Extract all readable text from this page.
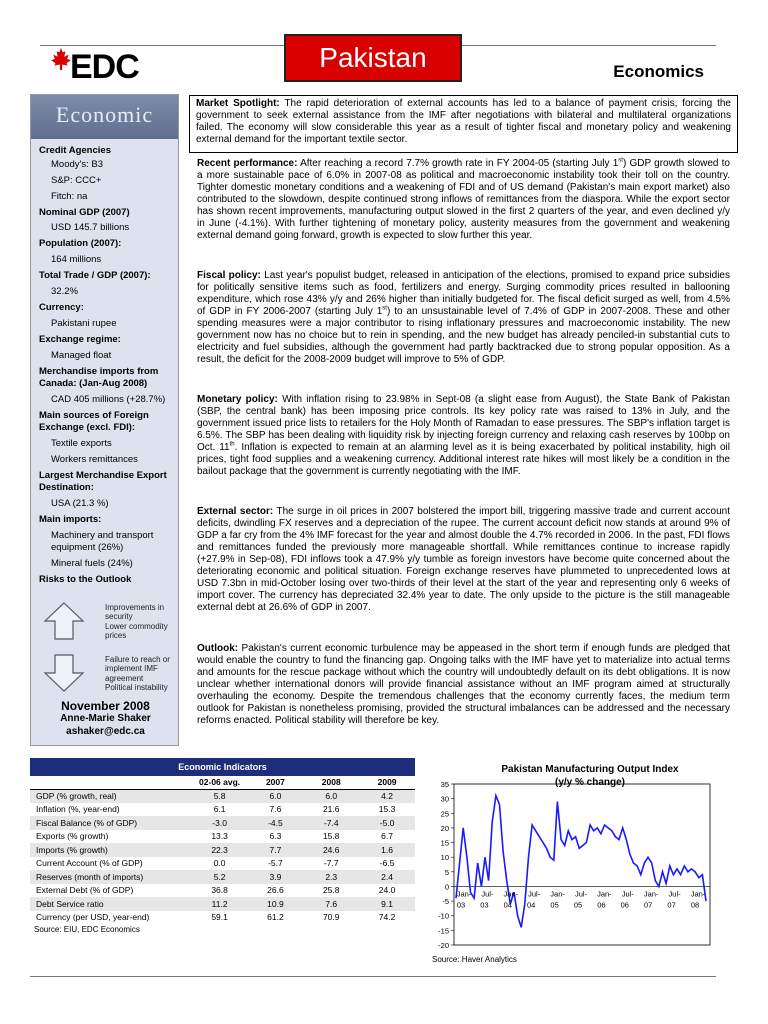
EDC	Pakistan	Economics
Economic
Credit Agencies
Moody's: B3
S&P: CCC+
Fitch: na
Nominal GDP (2007)
USD 145.7 billions
Population (2007):
164 millions
Total Trade / GDP (2007):
32.2%
Currency:
Pakistani rupee
Exchange regime:
Managed float
Merchandise imports from
Canada: (Jan-Aug 2008)
CAD 405 millions (+28.7%)
Main sources of Foreign
Exchange (excl. FDI):
Textile exports
Workers remittances
Largest Merchandise Export
Destination:
USA (21.3 %)
Main imports:
Machinery and transport
equipment (26%)
Mineral fuels (24%)
Risks to the Outlook
Improvements in
security
Lower commodity
prices
Failure to reach or
implement IMF
agreement
Political instability
November 2008
Anne-Marie Shaker
ashaker@edc.ca
Market Spotlight: The rapid deterioration of external accounts has led to a balance of payment crisis, forcing the government to seek external assistance from the IMF after negotiations with bilateral and multilateral organizations failed. The economy will slow considerable this year as a result of tighter fiscal and monetary policy and weakening external demand for the important textile sector.
Recent performance: After reaching a record 7.7% growth rate in FY 2004-05 (starting July 1st) GDP growth slowed to a more sustainable pace of 6.0% in 2007-08 as political and macroeconomic instability took their toll on the country. Tighter domestic monetary conditions and a weakening of FDI and of US demand (Pakistan's main export market) also contributed to the slowdown, despite continued strong inflows of remittances from the diaspora. While the export sector has shown recent improvements, manufacturing output slowed in the first 2 quarters of the year, and even declined y/y in June (-4.1%). With further tightening of monetary policy, austerity measures from the government and weakening external demand going forward, growth is expected to slow further this year.
Fiscal policy: Last year's populist budget, released in anticipation of the elections, promised to expand price subsidies for politically sensitive items such as food, fertilizers and energy. Surging commodity prices resulted in ballooning expenditure, which rose 43% y/y and 26% higher than initially budgeted for. The fiscal deficit surged as well, from 4.5% of GDP in FY 2006-2007 (starting July 1st) to an unsustainable level of 7.4% of GDP in 2007-2008. These and other spending measures were a major contributor to rising inflationary pressures and macroeconomic instability. The new government now has no choice but to rein in spending, and the new budget has already penciled-in substantial cuts to electricity and fuel subsidies, although the government had partly backtracked due to strong popular opposition. As a result, the deficit for the 2008-2009 budget will improve to 5% of GDP.
Monetary policy: With inflation rising to 23.98% in Sept-08 (a slight ease from August), the State Bank of Pakistan (SBP, the central bank) has been imposing price controls. Its key policy rate was raised to 13% in July, and the government issued price lists to retailers for the Holy Month of Ramadan to ease pressures. The SBP's inflation target is 6.5%. The SBP has been dealing with liquidity risk by injecting foreign currency and relaxing cash reserves by 100bp on Oct. 11th. Inflation is expected to remain at an alarming level as it is being exacerbated by political instability, high oil prices, tight food supplies and a weakening currency. Additional interest rate hikes will most likely be a condition in the bailout package that the government is currently negotiating with the IMF.
External sector: The surge in oil prices in 2007 bolstered the import bill, triggering massive trade and current account deficits, dwindling FX reserves and a depreciation of the rupee. The current account deficit now stands at around 9% of GDP a far cry from the 4% IMF forecast for the year and almost double the 4.7% recorded in 2006. In the past, FDI flows and remittances funded the previously more manageable shortfall. While remittances continue to increase rapidly (+27.9% in Sep-08), FDI inflows took a 47.9% y/y tumble as foreign investors have become quite concerned about the deteriorating economic and political situation. Foreign exchange reserves have plummeted to unprecedented lows at USD 7.3bn in mid-October losing over two-thirds of their level at the start of the year and representing only 6 weeks of import cover. The currency has depreciated 32.4% year to date. The only upside to the picture is the still manageable external debt at 26.6% of GDP in 2007.
Outlook: Pakistan's current economic turbulence may be appeased in the short term if enough funds are pledged that would enable the country to fund the financing gap. Ongoing talks with the IMF have yet to materialize into actual terms and amounts for the rescue package without which the country will undoubtedly default on its debt obligations. It is now unclear whether international donors will provide financial assistance without an IMF program aimed at structurally overhauling the economy. Despite the tremendous challenges that the economy currently faces, the medium term outlook for Pakistan is nonetheless promising, provided the structural imbalances can be addressed and the necessary reforms enacted. Political stability will therefore be key.
Economic Indicators
	02-06 avg.	2007	2008	2009
GDP (% growth, real)	5.8	6.0	6.0	4.2
Inflation (%, year-end)	6.1	7.6	21.6	15.3
Fiscal Balance (% of GDP)	-3.0	-4.5	-7.4	-5.0
Exports (% growth)	13.3	6.3	15.8	6.7
Imports (% growth)	22.3	7.7	24.6	1.6
Current Account (% of GDP)	0.0	-5.7	-7.7	-6.5
Reserves (month of imports)	5.2	3.9	2.3	2.4
External Debt (% of GDP)	36.8	26.6	25.8	24.0
Debt Service ratio	11.2	10.9	7.6	9.1
Currency (per USD, year-end)	59.1	61.2	70.9	74.2
Source: EIU, EDC Economics
Pakistan Manufacturing Output Index
(y/y % change)
35
30
25
20
15
10
5
0
-5
-10
-15
-20
Jan-
03
Jul-
03
Jan-
04
Jul-
04
Jan-
05
Jul-
05
Jan-
06
Jul-
06
Jan-
07
Jul-
07
Jan-
08
Source: Haver Analytics
